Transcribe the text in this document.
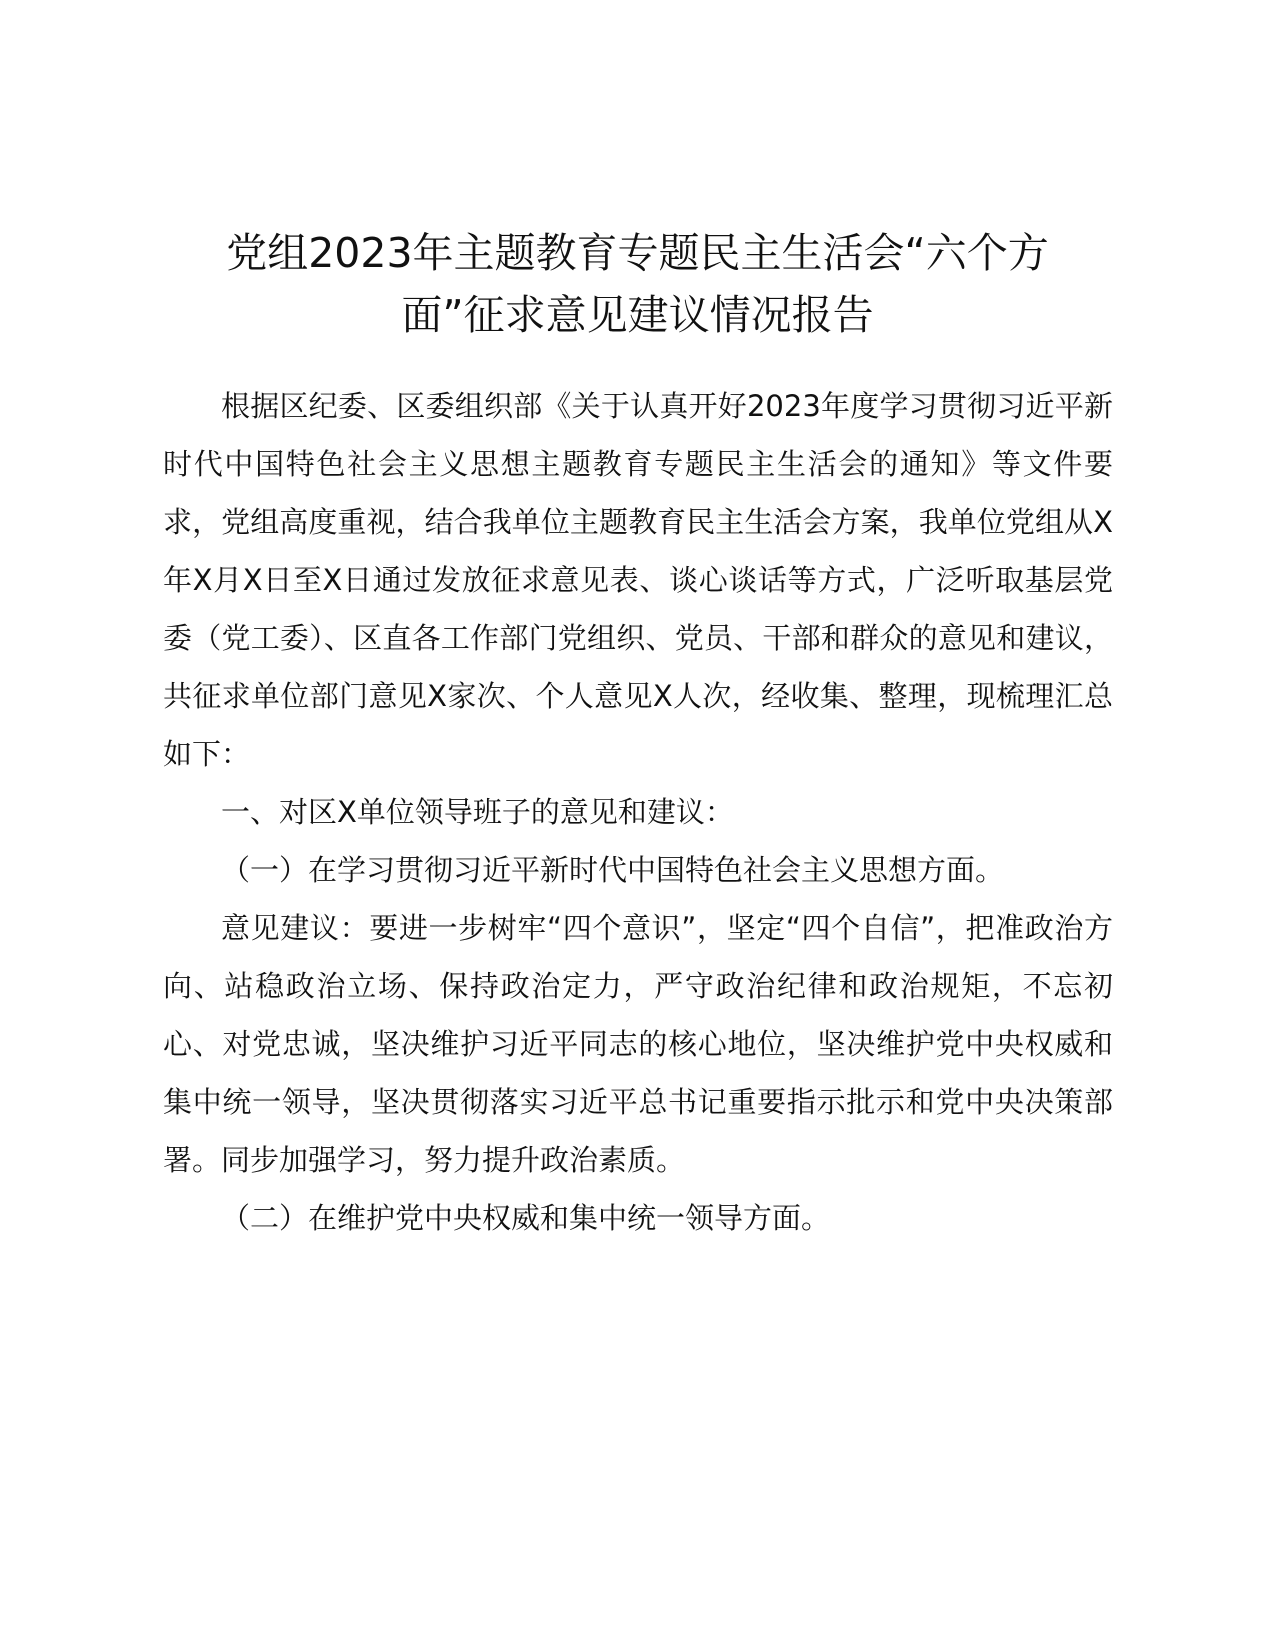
党组2023年主题教育专题民主生活会“六个方
面”征求意见建议情况报告

根据区纪委、区委组织部《关于认真开好2023年度学习贯彻习近平新时代中国特色社会主义思想主题教育专题民主生活会的通知》等文件要求，党组高度重视，结合我单位主题教育民主生活会方案，我单位党组从X年X月X日至X日通过发放征求意见表、谈心谈话等方式，广泛听取基层党委（党工委）、区直各工作部门党组织、党员、干部和群众的意见和建议，共征求单位部门意见X家次、个人意见X人次，经收集、整理，现梳理汇总如下：

一、对区X单位领导班子的意见和建议：

（一）在学习贯彻习近平新时代中国特色社会主义思想方面。

意见建议：要进一步树牢“四个意识”，坚定“四个自信”，把准政治方向、站稳政治立场、保持政治定力，严守政治纪律和政治规矩，不忘初心、对党忠诚，坚决维护习近平同志的核心地位，坚决维护党中央权威和集中统一领导，坚决贯彻落实习近平总书记重要指示批示和党中央决策部署。同步加强学习，努力提升政治素质。

（二）在维护党中央权威和集中统一领导方面。
